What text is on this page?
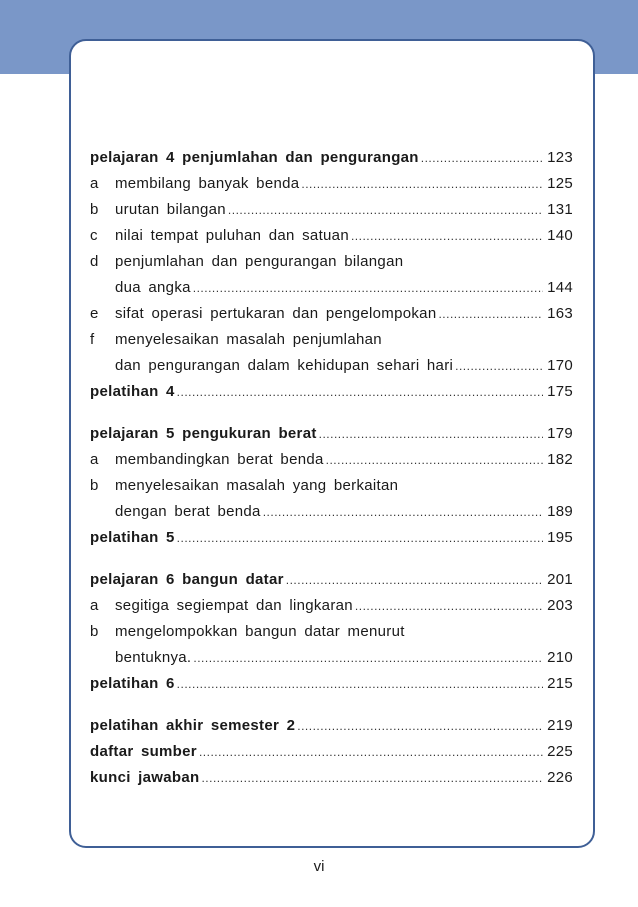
pelajaran 4 penjumlahan dan pengurangan .....	123
a	membilang banyak benda .....	125
b	urutan bilangan .....	131
c	nilai tempat puluhan dan satuan .....	140
d	penjumlahan dan pengurangan bilangan
dua angka .....	144
e	sifat operasi pertukaran dan pengelompokan .....	163
f	menyelesaikan masalah penjumlahan
dan pengurangan dalam kehidupan sehari hari .....	170
pelatihan 4 .....	175
pelajaran 5 pengukuran berat .....	179
a	membandingkan berat benda .....	182
b	menyelesaikan masalah yang berkaitan
dengan berat benda .....	189
pelatihan 5 .....	195
pelajaran 6 bangun datar .....	201
a	segitiga segiempat dan lingkaran .....	203
b	mengelompokkan bangun datar menurut
bentuknya. .....	210
pelatihan 6 .....	215
pelatihan akhir semester 2 .....	219
daftar sumber .....	225
kunci jawaban .....	226
vi
